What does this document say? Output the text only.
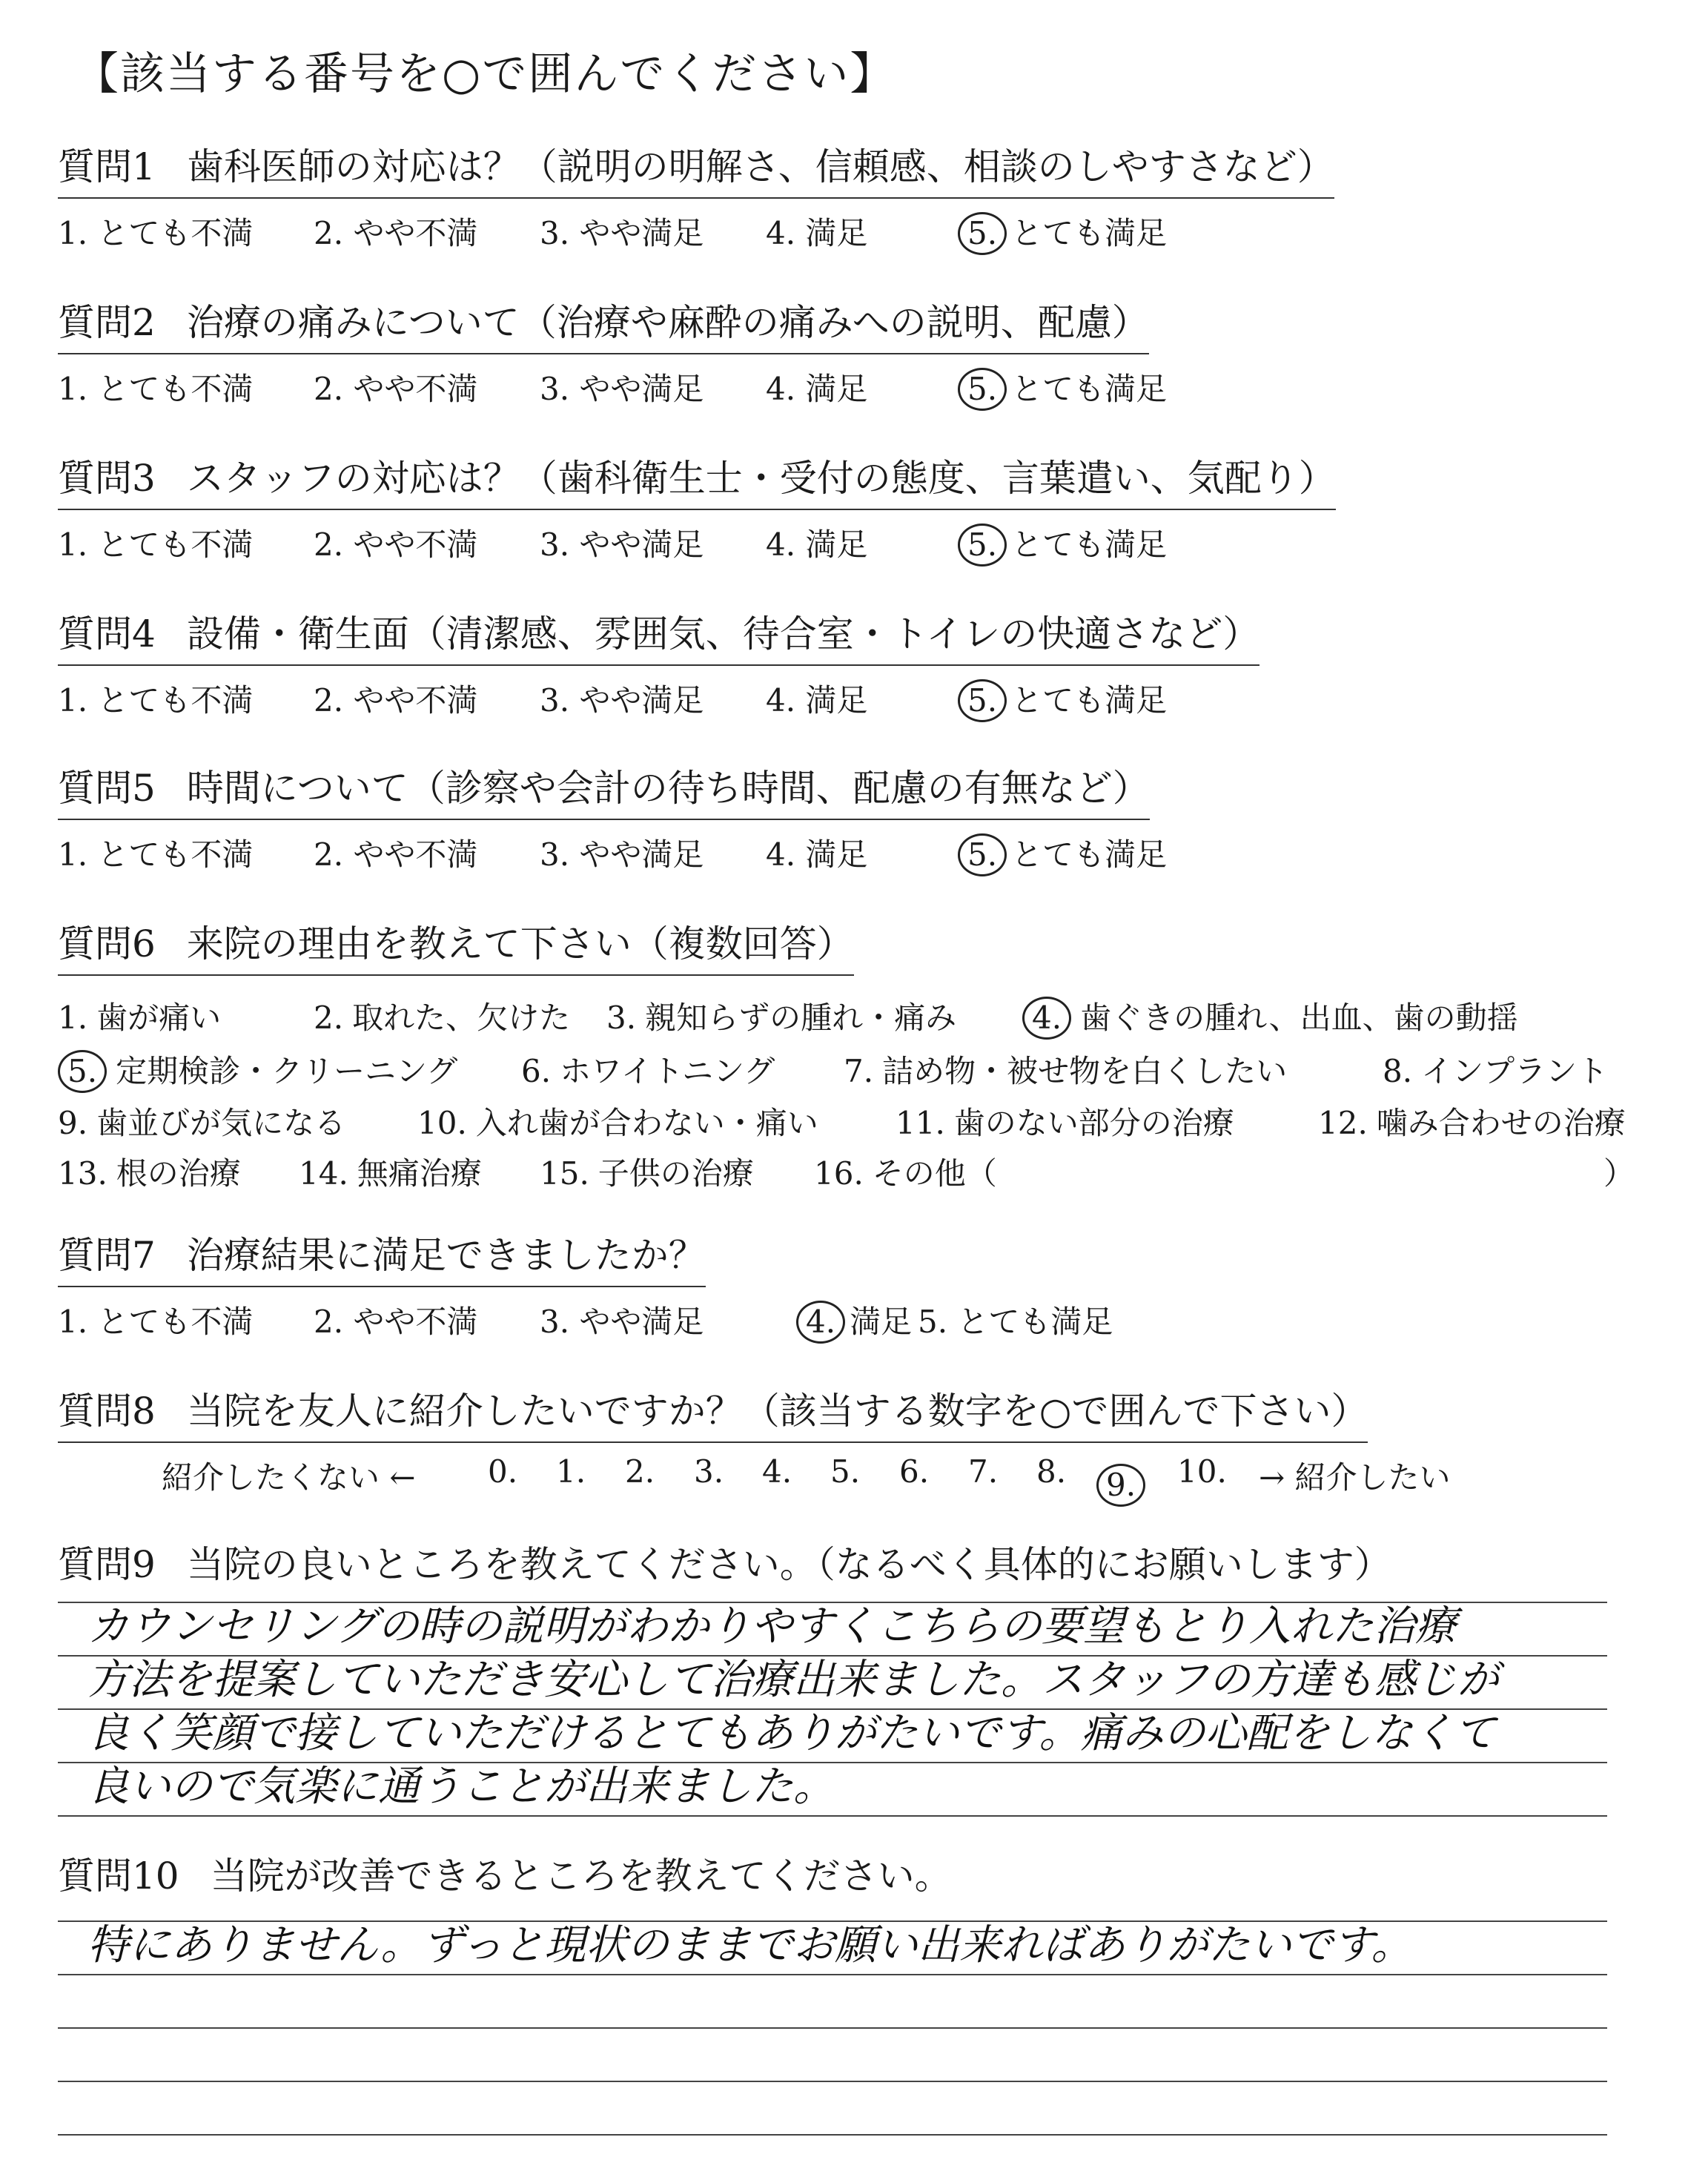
【該当する番号を○で囲んでください】
質問1 歯科医師の対応は？（説明の明解さ、信頼感、相談のしやすさなど）
1. とても不満 2. やや不満 3. やや満足 4. 満足	5. とても満足
質問2 治療の痛みについて（治療や麻酔の痛みへの説明、配慮）
1. とても不満 2. やや不満 3. やや満足 4. 満足	5. とても満足
質問3 スタッフの対応は？（歯科衛生士・受付の態度、言葉遣い、気配り）
1. とても不満 2. やや不満 3. やや満足 4. 満足	5. とても満足
質問4 設備・衛生面（清潔感、雰囲気、待合室・トイレの快適さなど）
1. とても不満 2. やや不満 3. やや満足 4. 満足	5. とても満足
質問5 時間について（診察や会計の待ち時間、配慮の有無など）
1. とても不満 2. やや不満 3. やや満足 4. 満足	5. とても満足
質問6 来院の理由を教えて下さい（複数回答）
1. 歯が痛い	2. 取れた、欠けた 3. 親知らずの腫れ・痛み 4. 歯ぐきの腫れ、出血、歯の動揺
5. 定期検診・クリーニング 6. ホワイトニング 7. 詰め物・被せ物を白くしたい	8. インプラント
9. 歯並びが気になる 10. 入れ歯が合わない・痛い 11. 歯のない部分の治療	12. 噛み合わせの治療
13. 根の治療 14. 無痛治療 15. 子供の治療 16. その他（	）
質問7 治療結果に満足できましたか？
1. とても不満 2. やや不満 3. やや満足	4. 満足 5. とても満足
質問8 当院を友人に紹介したいですか？（該当する数字を○で囲んで下さい）
紹介したくない ← 0. 1. 2. 3. 4. 5. 6. 7. 8.	9.	10. → 紹介したい
質問9 当院の良いところを教えてください。（なるべく具体的にお願いします）
カウンセリングの時の説明がわかりやすくこちらの要望もとり入れた治療
方法を提案していただき安心して治療出来ました。スタッフの方達も感じが
良く笑顔で接していただけるとてもありがたいです。痛みの心配をしなくて
良いので気楽に通うことが出来ました。
質問10 当院が改善できるところを教えてください。
特にありません。ずっと現状のままでお願い出来ればありがたいです。
